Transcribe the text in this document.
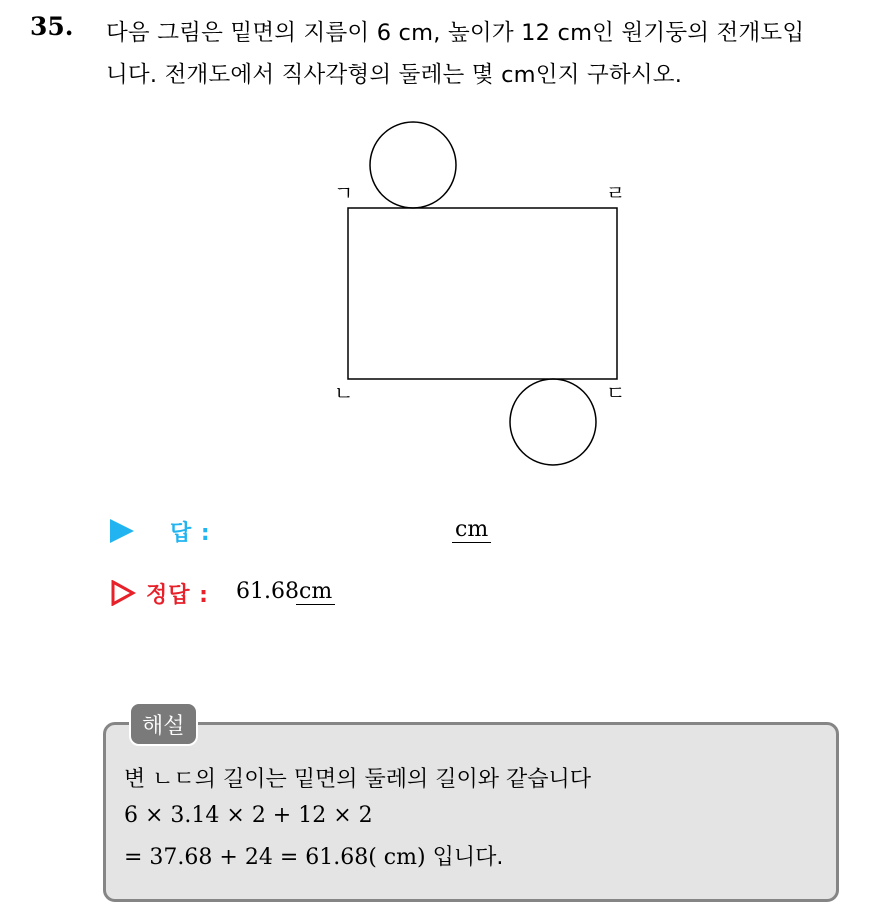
35. 다음 그림은 밑면의 지름이 6 cm, 높이가 12 cm인 원기둥의 전개도입
니다. 전개도에서 직사각형의 둘레는 몇 cm인지 구하시오.
ㄱ	ㄹ
ㄴ	ㄷ
답 :	cm
정답 : 61.68 cm
해설
변 ㄴㄷ의 길이는 밑면의 둘레의 길이와 같습니다
6 × 3.14 × 2 + 12 × 2
= 37.68 + 24 = 61.68( cm) 입니다.
